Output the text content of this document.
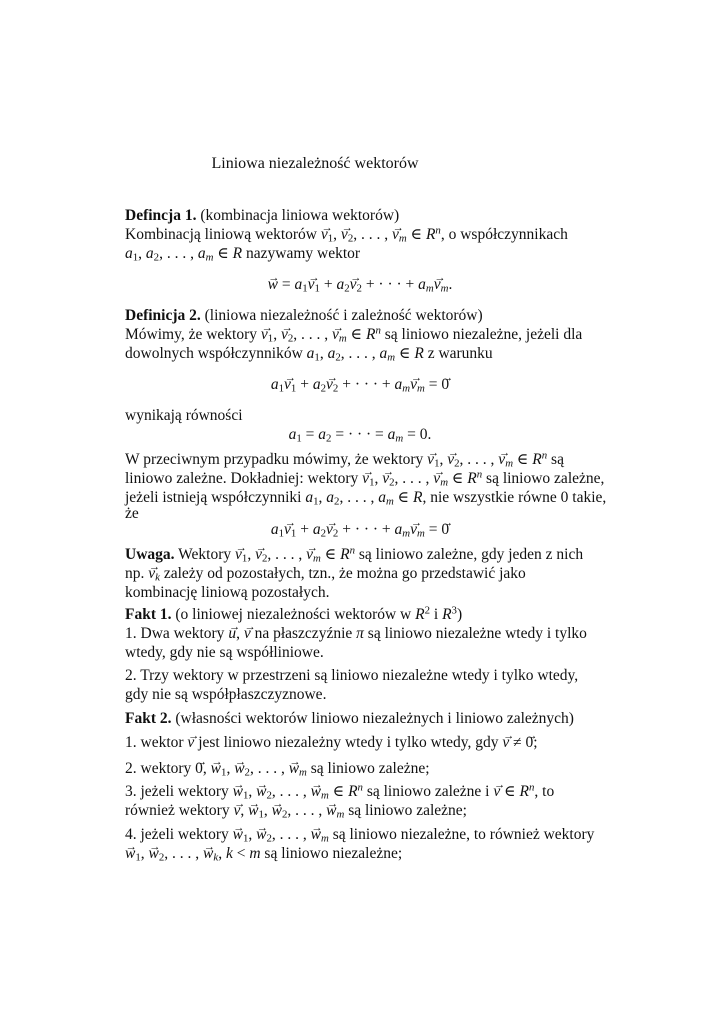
Liniowa niezależność wektorów
Defincja 1. (kombinacja liniowa wektorów)
Kombinacją liniową wektorów → $v_1$, → $v_2$, . . . , → $v_m$ ∈ $R^n$, o współczynnikach
$a_1$, $a_2$, . . . , $a_m$ ∈ R nazywamy wektor
→ $w = a_1\to v_1 + a_2\to v_2$ + · · · + $a_m\to v_m$.
Definicja 2. (liniowa niezależność i zależność wektorów)
Mówimy, że wektory → $v_1$, → $v_2$, . . . , → $v_m$ ∈ $R^n$ są liniowo niezależne, jeżeli dla
dowolnych współczynników $a_1$, $a_2$, . . . , $a_m$ ∈ R z warunku
$a_1\to v_1 + a_2\to v_2$ + · · · + $a_m\to v_m$ = → 0
wynikają równości
$a_1 = a_2$ = · · · = $a_m = 0$.
W przeciwnym przypadku mówimy, że wektory → $v_1$, → $v_2$, . . . , → $v_m$ ∈ $R^n$ są
liniowo zależne. Dokładniej: wektory → $v_1$, → $v_2$, . . . , → $v_m$ ∈ $R^n$ są liniowo zależne,
jeżeli istnieją współczynniki $a_1$, $a_2$, . . . , $a_m$ ∈ R, nie wszystkie równe 0 takie,
że
$a_1\to v_1 + a_2\to v_2$ + · · · + $a_m\to v_m$ = → 0
Uwaga. Wektory → $v_1$, → $v_2$, . . . , → $v_m$ ∈ $R^n$ są liniowo zależne, gdy jeden z nich
np. → $v_k$ zależy od pozostałych, tzn., że można go przedstawić jako
kombinację liniową pozostałych.
Fakt 1. (o liniowej niezależności wektorów w $R^2$ i $R^3$)
1. Dwa wektory → u, → v na płaszczyźnie π są liniowo niezależne wtedy i tylko
wtedy, gdy nie są współliniowe.
2. Trzy wektory w przestrzeni są liniowo niezależne wtedy i tylko wtedy,
gdy nie są współpłaszczyznowe.
Fakt 2. (własności wektorów liniowo niezależnych i liniowo zależnych)
1. wektor → v jest liniowo niezależny wtedy i tylko wtedy, gdy → v ≠ → 0;
2. wektory → 0, → $w_1$, → $w_2$, . . . , → $w_m$ są liniowo zależne;
3. jeżeli wektory → $w_1$, → $w_2$, . . . , → $w_m$ ∈ $R^n$ są liniowo zależne i → v ∈ $R^n$, to
również wektory → v, → $w_1$, → $w_2$, . . . , → $w_m$ są liniowo zależne;
4. jeżeli wektory → $w_1$, → $w_2$, . . . , → $w_m$ są liniowo niezależne, to również wektory
→ $w_1$, → $w_2$, . . . , → $w_k$, k < m są liniowo niezależne;
